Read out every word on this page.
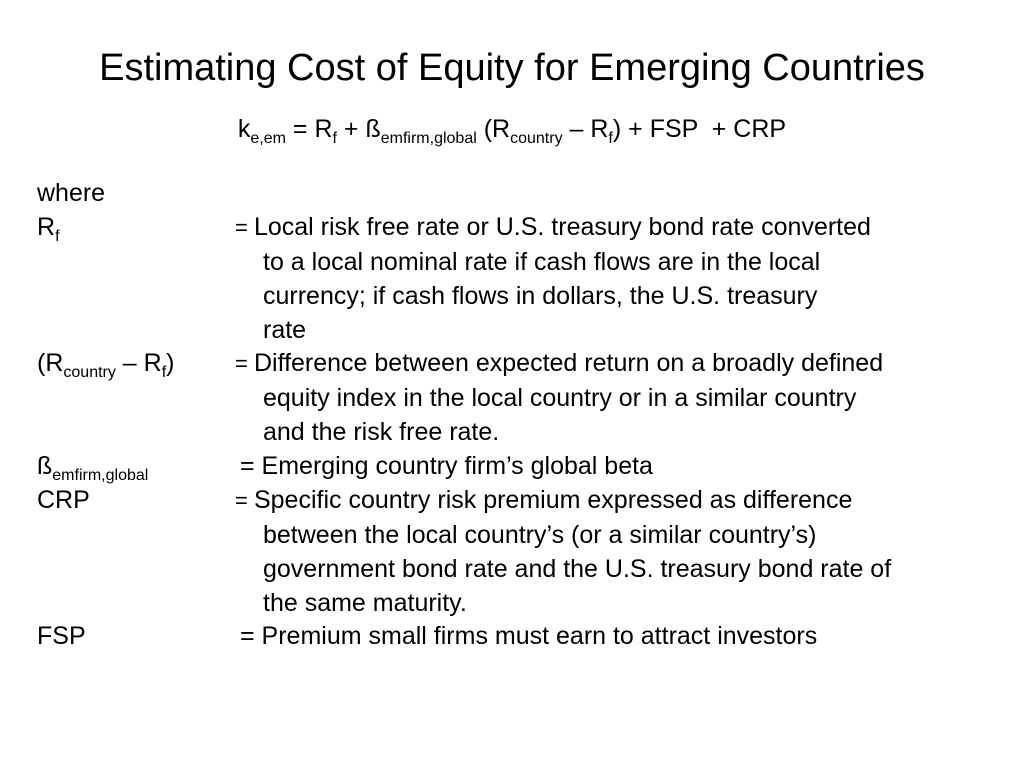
Estimating Cost of Equity for Emerging Countries
$k_{e,em} = R_f$ + $ß_{emfirm,global}$ $(R_{country} - R_f)$ + FSP  + CRP
where
$R_f$	= Local risk free rate or U.S. treasury bond rate converted
to a local nominal rate if cash flows are in the local
currency; if cash flows in dollars, the U.S. treasury
rate
$(R_{country} - R_f)$	= Difference between expected return on a broadly defined
equity index in the local country or in a similar country
and the risk free rate.
$ß_{emfirm,global}$	= Emerging country firm’s global beta
CRP	= Specific country risk premium expressed as difference
between the local country’s (or a similar country’s)
government bond rate and the U.S. treasury bond rate of
the same maturity.
FSP	= Premium small firms must earn to attract investors
